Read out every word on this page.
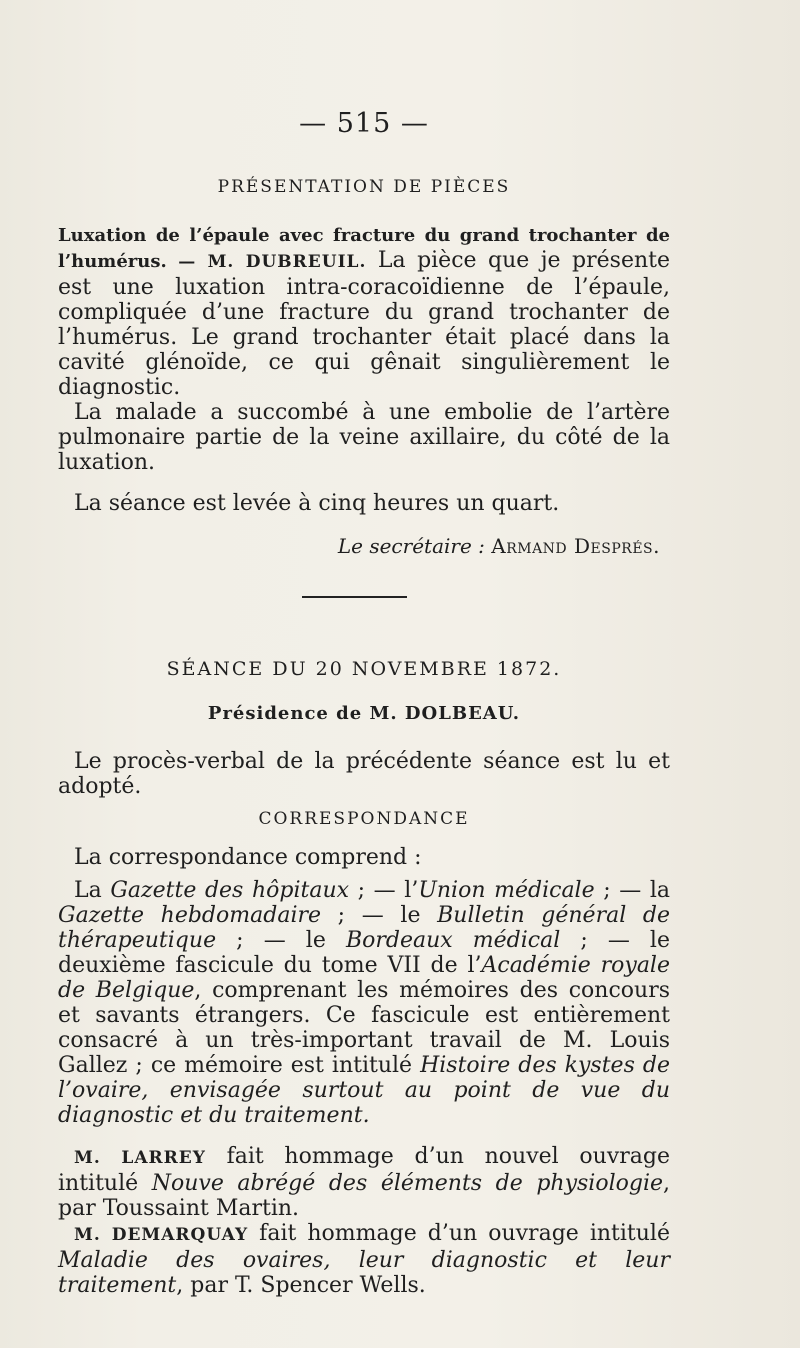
— 515 —
PRÉSENTATION DE PIÈCES

Luxation de l’épaule avec fracture du grand trochanter de l’humérus. — M. DUBREUIL. La pièce que je présente est une luxation intra-coracoïdienne de l’épaule, compliquée d’une fracture du grand trochanter de l’humérus. Le grand trochanter était placé dans la cavité glénoïde, ce qui gênait singulièrement le diagnostic.

La malade a succombé à une embolie de l’artère pulmonaire partie de la veine axillaire, du côté de la luxation.

La séance est levée à cinq heures un quart.

Le secrétaire : Armand Després.
SÉANCE DU 20 NOVEMBRE 1872.
Présidence de M. DOLBEAU.

Le procès-verbal de la précédente séance est lu et adopté.

CORRESPONDANCE

La correspondance comprend :

La Gazette des hôpitaux ; — l’Union médicale ; — la Gazette hebdomadaire ; — le Bulletin général de thérapeutique ; — le Bordeaux médical ; — le deuxième fascicule du tome VII de l’Académie royale de Belgique, comprenant les mémoires des concours et savants étrangers. Ce fascicule est entièrement consacré à un très-important travail de M. Louis Gallez ; ce mémoire est intitulé Histoire des kystes de l’ovaire, envisagée surtout au point de vue du diagnostic et du traitement.

M. LARREY fait hommage d’un nouvel ouvrage intitulé Nouve abrégé des éléments de physiologie, par Toussaint Martin.

M. DEMARQUAY fait hommage d’un ouvrage intitulé Maladie des ovaires, leur diagnostic et leur traitement, par T. Spencer Wells.
